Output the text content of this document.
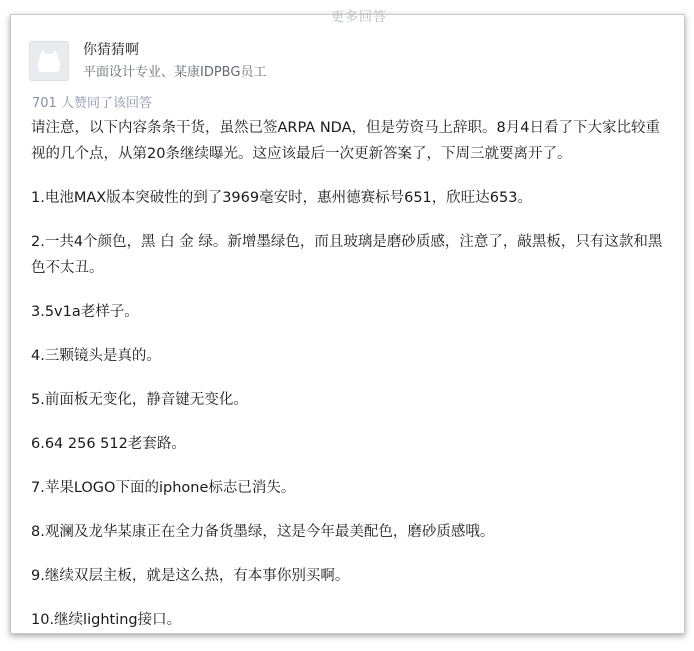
更多回答
你猜猜啊
平面设计专业、某康IDPBG员工
701 人赞同了该回答

请注意，以下内容条条干货，虽然已签ARPA NDA，但是劳资马上辞职。8月4日看了下大家比较重视的几个点，从第20条继续曝光。这应该最后一次更新答案了，下周三就要离开了。

1.电池MAX版本突破性的到了3969毫安时，惠州德赛标号651，欣旺达653。

2.一共4个颜色，黑 白 金 绿。新增墨绿色，而且玻璃是磨砂质感，注意了，敲黑板，只有这款和黑色不太丑。

3.5v1a老样子。

4.三颗镜头是真的。

5.前面板无变化，静音键无变化。

6.64 256 512老套路。

7.苹果LOGO下面的iphone标志已消失。

8.观澜及龙华某康正在全力备货墨绿，这是今年最美配色，磨砂质感哦。

9.继续双层主板，就是这么热，有本事你别买啊。

10.继续lighting接口。
